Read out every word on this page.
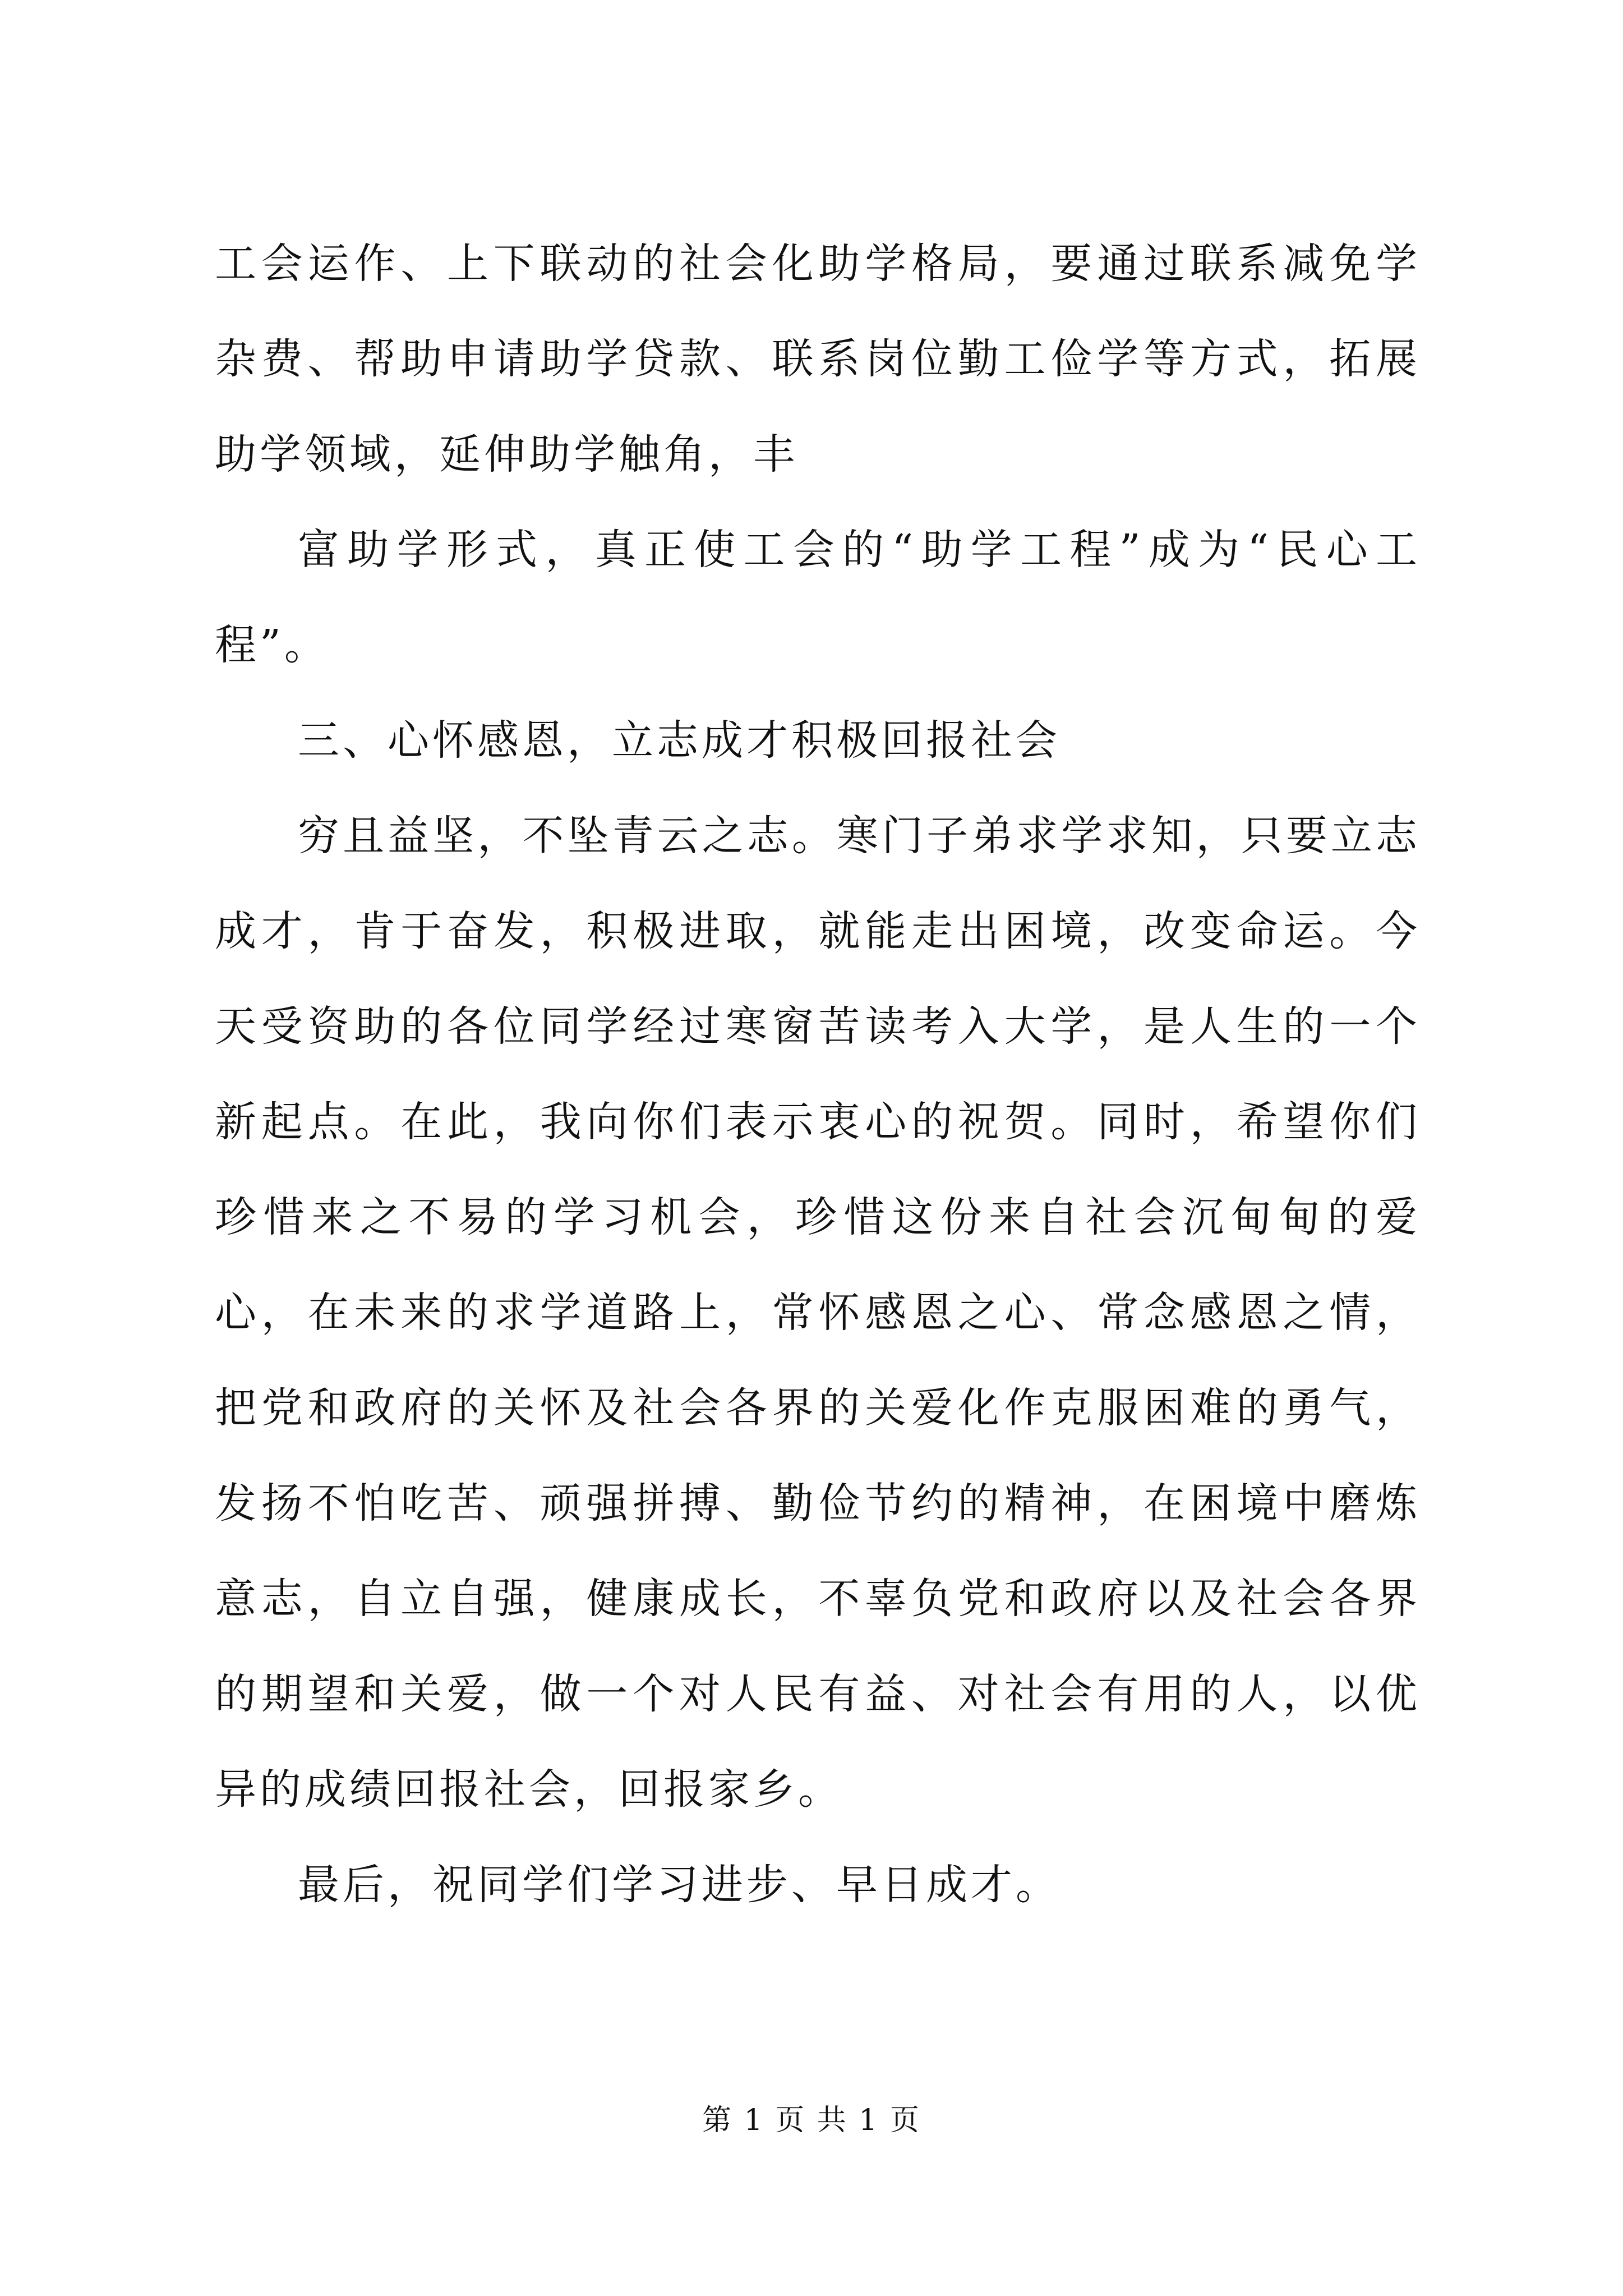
工会运作、上下联动的社会化助学格局，要通过联系减免学杂费、帮助申请助学贷款、联系岗位勤工俭学等方式，拓展助学领域，延伸助学触角，丰

富助学形式，真正使工会的“助学工程”成为“民心工程”。

三、心怀感恩，立志成才积极回报社会

穷且益坚，不坠青云之志。寒门子弟求学求知，只要立志成才，肯于奋发，积极进取，就能走出困境，改变命运。今天受资助的各位同学经过寒窗苦读考入大学，是人生的一个新起点。在此，我向你们表示衷心的祝贺。同时，希望你们珍惜来之不易的学习机会，珍惜这份来自社会沉甸甸的爱心，在未来的求学道路上，常怀感恩之心、常念感恩之情，把党和政府的关怀及社会各界的关爱化作克服困难的勇气，发扬不怕吃苦、顽强拼搏、勤俭节约的精神，在困境中磨炼意志，自立自强，健康成长，不辜负党和政府以及社会各界的期望和关爱，做一个对人民有益、对社会有用的人，以优异的成绩回报社会，回报家乡。

最后，祝同学们学习进步、早日成才。

第 1 页 共 1 页
